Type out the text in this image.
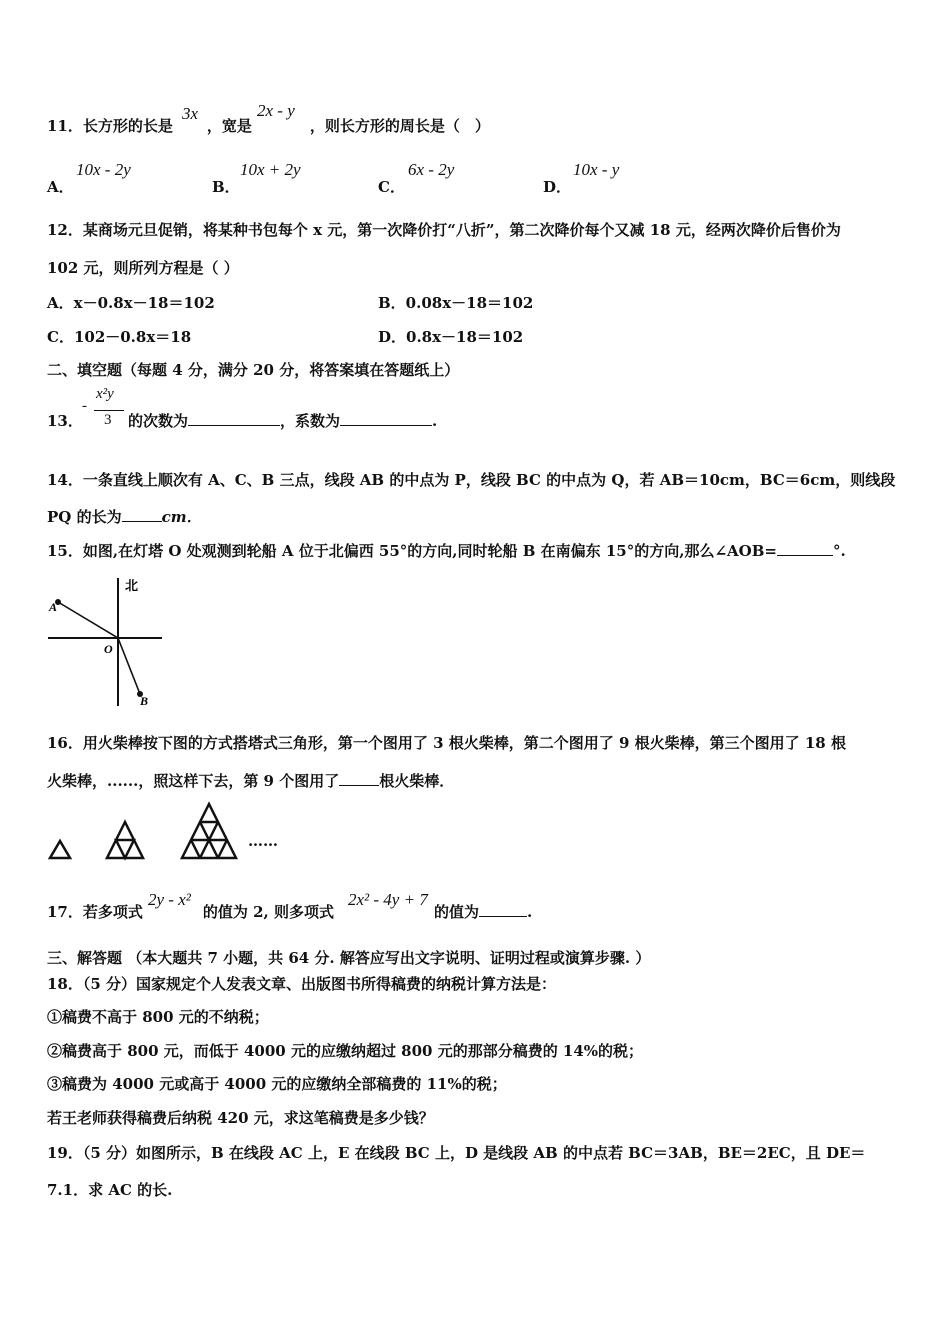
11．长方形的长是 ，宽是	，则长方形的周长是（　）
3x	2x - y
A．
10x - 2y
B．
10x + 2y
C．
6x - 2y
D．
10x - y
12．某商场元旦促销，将某种书包每个 x 元，第一次降价打“八折”，第二次降价每个又减 18 元，经两次降价后售价为
102 元，则所列方程是（ ）
A．x－0.8x－18＝102	B．0.08x－18＝102
C．102－0.8x＝18	D．0.8x－18＝102
二、填空题（每题 4 分，满分 20 分，将答案填在答题纸上）
13．
-
x²y
3 的次数为	，系数为	.
14．一条直线上顺次有 A、C、B 三点，线段 AB 的中点为 P，线段 BC 的中点为 Q，若 AB＝10cm，BC＝6cm，则线段
PQ 的长为	cm．
15．如图,在灯塔 O 处观测到轮船 A 位于北偏西 55°的方向,同时轮船 B 在南偏东 15°的方向,那么∠AOB=	°.
北
A
O
B
16．用火柴棒按下图的方式搭塔式三角形，第一个图用了 3 根火柴棒，第二个图用了 9 根火柴棒，第三个图用了 18 根
火柴棒，......，照这样下去，第 9 个图用了	根火柴棒．
……
17．若多项式	的值为 2, 则多项式	的值为	.
2y - x²	2x² - 4y + 7
三、解答题 （本大题共 7 小题，共 64 分. 解答应写出文字说明、证明过程或演算步骤. ）
18．（5 分）国家规定个人发表文章、出版图书所得稿费的纳税计算方法是：
①稿费不高于 800 元的不纳税；
②稿费高于 800 元，而低于 4000 元的应缴纳超过 800 元的那部分稿费的 14%的税；
③稿费为 4000 元或高于 4000 元的应缴纳全部稿费的 11%的税；
若王老师获得稿费后纳税 420 元，求这笔稿费是多少钱？
19．（5 分）如图所示，B 在线段 AC 上，E 在线段 BC 上，D 是线段 AB 的中点若 BC＝3AB，BE＝2EC，且 DE＝
7.1．求 AC 的长.
